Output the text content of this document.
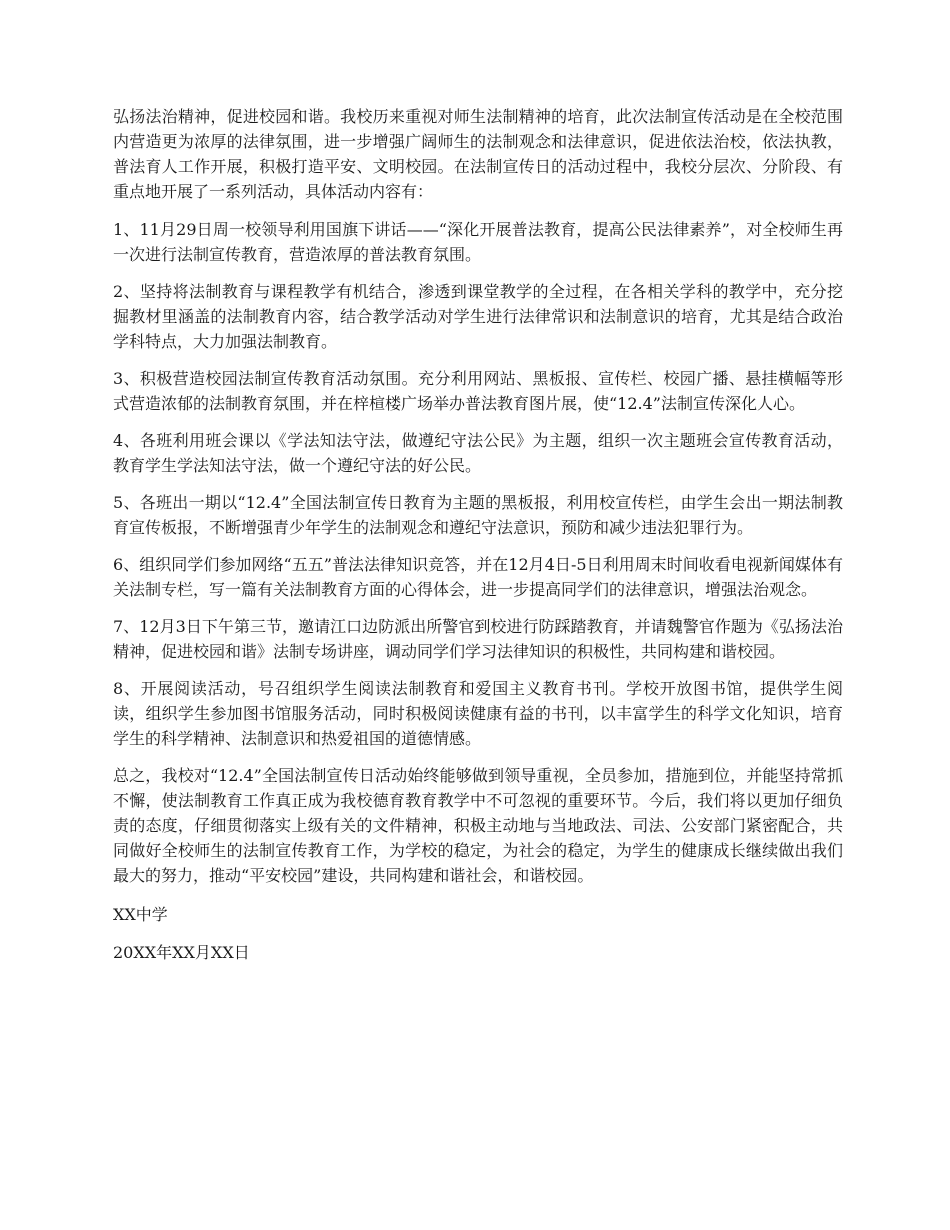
弘扬法治精神，促进校园和谐。我校历来重视对师生法制精神的培育，此次法制宣传活动是在全校范围内营造更为浓厚的法律氛围，进一步增强广阔师生的法制观念和法律意识，促进依法治校，依法执教，普法育人工作开展，积极打造平安、文明校园。在法制宣传日的活动过程中，我校分层次、分阶段、有重点地开展了一系列活动，具体活动内容有：

1、11月29日周一校领导利用国旗下讲话——“深化开展普法教育，提高公民法律素养”，对全校师生再一次进行法制宣传教育，营造浓厚的普法教育氛围。

2、坚持将法制教育与课程教学有机结合，渗透到课堂教学的全过程，在各相关学科的教学中，充分挖掘教材里涵盖的法制教育内容，结合教学活动对学生进行法律常识和法制意识的培育，尤其是结合政治学科特点，大力加强法制教育。

3、积极营造校园法制宣传教育活动氛围。充分利用网站、黑板报、宣传栏、校园广播、悬挂横幅等形式营造浓郁的法制教育氛围，并在梓楦楼广场举办普法教育图片展，使“12.4”法制宣传深化人心。

4、各班利用班会课以《学法知法守法，做遵纪守法公民》为主题，组织一次主题班会宣传教育活动，教育学生学法知法守法，做一个遵纪守法的好公民。

5、各班出一期以“12.4”全国法制宣传日教育为主题的黑板报，利用校宣传栏，由学生会出一期法制教育宣传板报，不断增强青少年学生的法制观念和遵纪守法意识，预防和减少违法犯罪行为。

6、组织同学们参加网络“五五”普法法律知识竞答，并在12月4日-5日利用周末时间收看电视新闻媒体有关法制专栏，写一篇有关法制教育方面的心得体会，进一步提高同学们的法律意识，增强法治观念。

7、12月3日下午第三节，邀请江口边防派出所警官到校进行防踩踏教育，并请魏警官作题为《弘扬法治精神，促进校园和谐》法制专场讲座，调动同学们学习法律知识的积极性，共同构建和谐校园。

8、开展阅读活动，号召组织学生阅读法制教育和爱国主义教育书刊。学校开放图书馆，提供学生阅读，组织学生参加图书馆服务活动，同时积极阅读健康有益的书刊，以丰富学生的科学文化知识，培育学生的科学精神、法制意识和热爱祖国的道德情感。

总之，我校对“12.4”全国法制宣传日活动始终能够做到领导重视，全员参加，措施到位，并能坚持常抓不懈，使法制教育工作真正成为我校德育教育教学中不可忽视的重要环节。今后，我们将以更加仔细负责的态度，仔细贯彻落实上级有关的文件精神，积极主动地与当地政法、司法、公安部门紧密配合，共同做好全校师生的法制宣传教育工作，为学校的稳定，为社会的稳定，为学生的健康成长继续做出我们最大的努力，推动“平安校园”建设，共同构建和谐社会，和谐校园。

XX中学

20XX年XX月XX日
